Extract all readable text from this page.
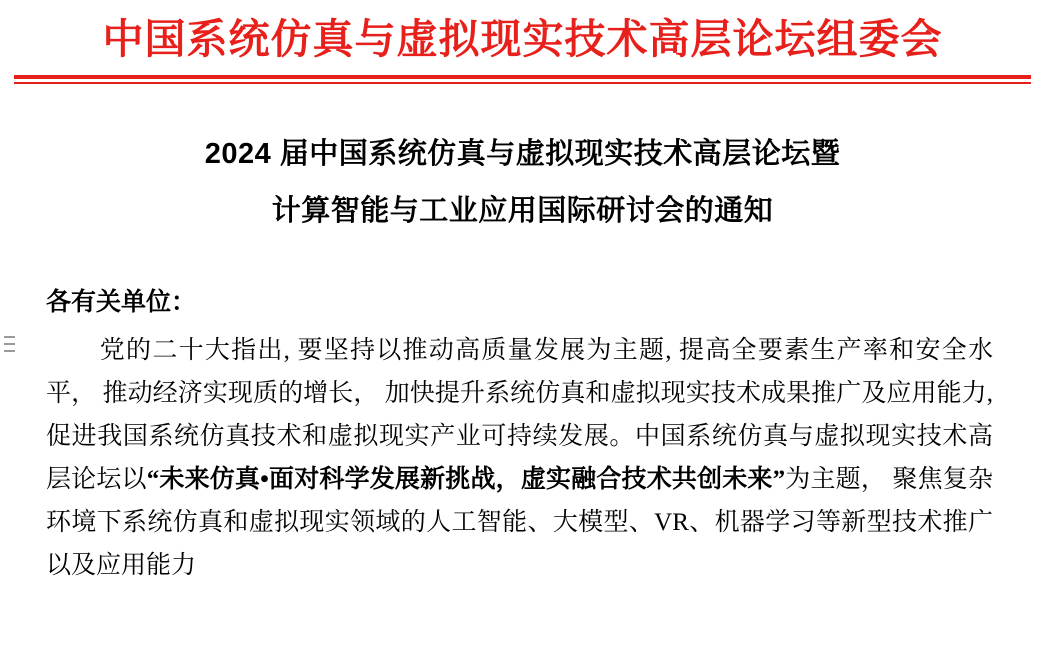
中国系统仿真与虚拟现实技术高层论坛组委会
2024 届中国系统仿真与虚拟现实技术高层论坛暨
计算智能与工业应用国际研讨会的通知
各有关单位：
党的二十大指出, 要坚持以推动高质量发展为主题, 提高全要素生产率和安全水平， 推动经济实现质的增长， 加快提升系统仿真和虚拟现实技术成果推广及应用能力, 促进我国系统仿真技术和虚拟现实产业可持续发展。中国系统仿真与虚拟现实技术高层论坛以“未来仿真•面对科学发展新挑战，虚实融合技术共创未来”为主题， 聚焦复杂环境下系统仿真和虚拟现实领域的人工智能、大模型、VR、机器学习等新型技术推广以及应用能力
